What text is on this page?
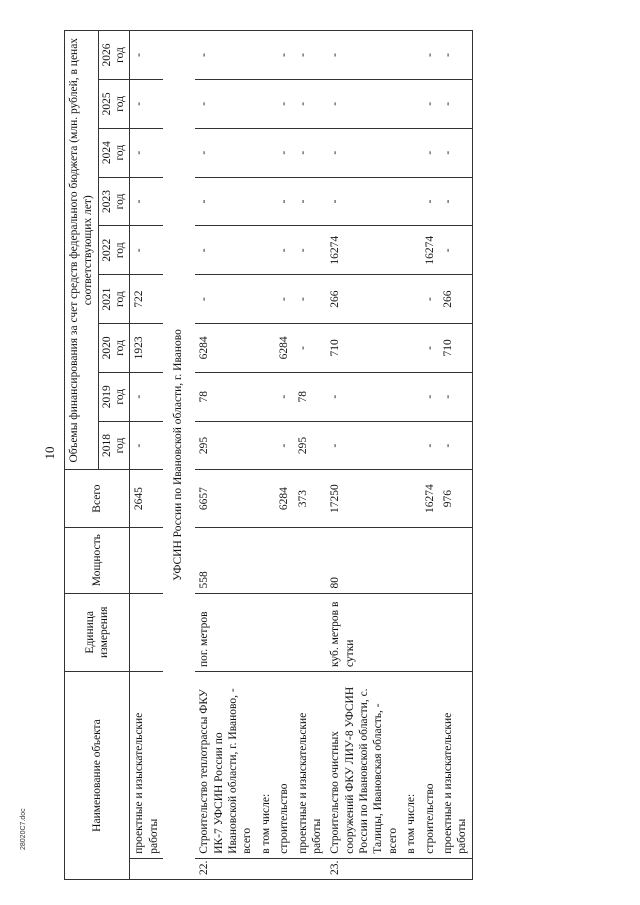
10
28020C7.doc	Наименование объекта		Единица измерения	Мощность	Всего	Объемы финансирования за счет средств федерального бюджета (млн. рублей, в ценах соответствующих лет)								
					2018 год	2019 год	2020 год	2021 год	2022 год	2023 год	2024 год	2025 год	2026 год
	проектные и изыскательские работы			2645	-	-	1923	722	-	-	-	-	-
УФСИН России по Ивановской области, г. Иваново													
22.	Строительство теплотрассы ФКУ ИК-7 УФСИН России по Ивановской области, г. Иваново, - всего	пог. метров	558	6657	295	78	6284	-	-	-	-	-	-
	в том числе:												
	строительство			6284	-	-	6284	-	-	-	-	-	-
	проектные и изыскательские работы			373	295	78	-	-	-	-	-	-	-
23.	Строительство очистных сооружений ФКУ ЛИУ-8 УФСИН России по Ивановской области, с. Талицы, Ивановская область, - всего	куб. метров в сутки	80	17250	-	-	710	266	16274	-	-	-	-
	в том числе:												
	строительство			16274	-	-	-	-	16274	-	-	-	-
	проектные и изыскательские работы			976	-	-	710	266	-	-	-	-	-
